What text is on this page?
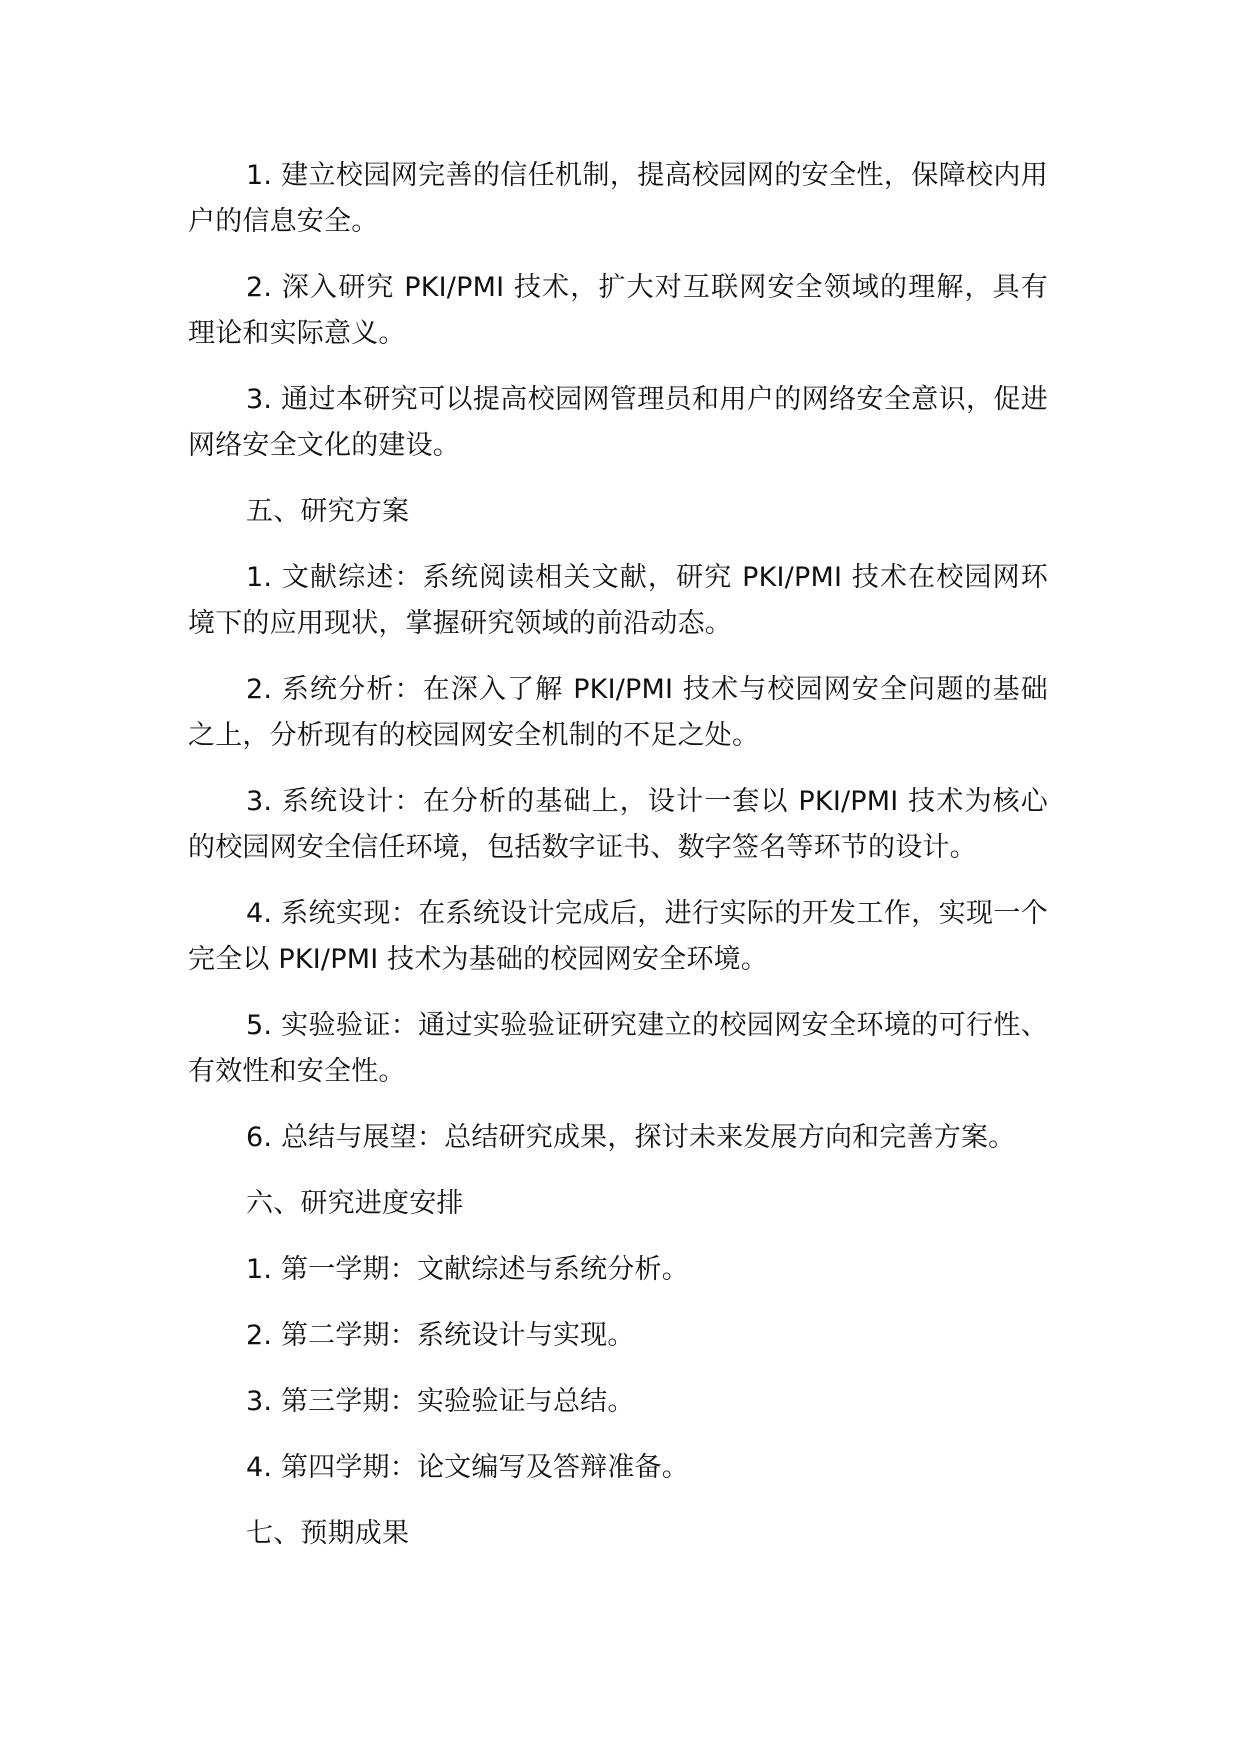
1. 建立校园网完善的信任机制，提高校园网的安全性，保障校内用户的信息安全。

2. 深入研究 PKI/PMI 技术，扩大对互联网安全领域的理解，具有理论和实际意义。

3. 通过本研究可以提高校园网管理员和用户的网络安全意识，促进网络安全文化的建设。

五、研究方案

1. 文献综述：系统阅读相关文献，研究 PKI/PMI 技术在校园网环境下的应用现状，掌握研究领域的前沿动态。

2. 系统分析：在深入了解 PKI/PMI 技术与校园网安全问题的基础之上，分析现有的校园网安全机制的不足之处。

3. 系统设计：在分析的基础上，设计一套以 PKI/PMI 技术为核心的校园网安全信任环境，包括数字证书、数字签名等环节的设计。

4. 系统实现：在系统设计完成后，进行实际的开发工作，实现一个完全以 PKI/PMI 技术为基础的校园网安全环境。

5. 实验验证：通过实验验证研究建立的校园网安全环境的可行性、有效性和安全性。

6. 总结与展望：总结研究成果，探讨未来发展方向和完善方案。

六、研究进度安排

1. 第一学期：文献综述与系统分析。

2. 第二学期：系统设计与实现。

3. 第三学期：实验验证与总结。

4. 第四学期：论文编写及答辩准备。

七、预期成果
